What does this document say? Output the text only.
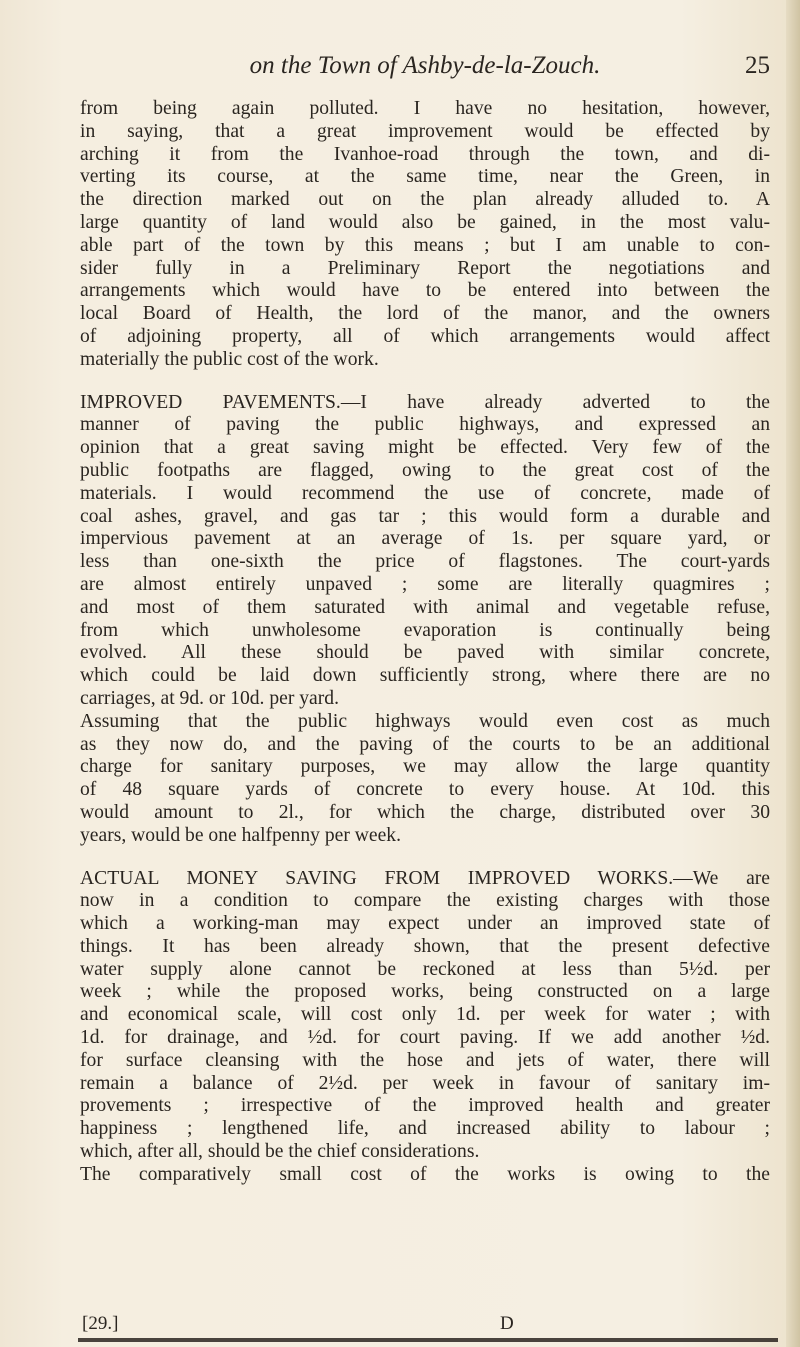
on the Town of Ashby-de-la-Zouch.	25
from being again polluted. I have no hesitation, however,
in saying, that a great improvement would be effected by
arching it from the Ivanhoe-road through the town, and di-
verting its course, at the same time, near the Green, in
the direction marked out on the plan already alluded to. A
large quantity of land would also be gained, in the most valu-
able part of the town by this means ; but I am unable to con-
sider fully in a Preliminary Report the negotiations and
arrangements which would have to be entered into between the
local Board of Health, the lord of the manor, and the owners
of adjoining property, all of which arrangements would affect
materially the public cost of the work.
IMPROVED PAVEMENTS.—I have already adverted to the
manner of paving the public highways, and expressed an
opinion that a great saving might be effected. Very few of the
public footpaths are flagged, owing to the great cost of the
materials. I would recommend the use of concrete, made of
coal ashes, gravel, and gas tar ; this would form a durable and
impervious pavement at an average of 1s. per square yard, or
less than one-sixth the price of flagstones. The court-yards
are almost entirely unpaved ; some are literally quagmires ;
and most of them saturated with animal and vegetable refuse,
from which unwholesome evaporation is continually being
evolved. All these should be paved with similar concrete,
which could be laid down sufficiently strong, where there are no
carriages, at 9d. or 10d. per yard.
Assuming that the public highways would even cost as much
as they now do, and the paving of the courts to be an additional
charge for sanitary purposes, we may allow the large quantity
of 48 square yards of concrete to every house. At 10d. this
would amount to 2l., for which the charge, distributed over 30
years, would be one halfpenny per week.
ACTUAL MONEY SAVING FROM IMPROVED WORKS.—We are
now in a condition to compare the existing charges with those
which a working-man may expect under an improved state of
things. It has been already shown, that the present defective
water supply alone cannot be reckoned at less than 5½d. per
week ; while the proposed works, being constructed on a large
and economical scale, will cost only 1d. per week for water ; with
1d. for drainage, and ½d. for court paving. If we add another ½d.
for surface cleansing with the hose and jets of water, there will
remain a balance of 2½d. per week in favour of sanitary im-
provements ; irrespective of the improved health and greater
happiness ; lengthened life, and increased ability to labour ;
which, after all, should be the chief considerations.
The comparatively small cost of the works is owing to the
[29.]	D
